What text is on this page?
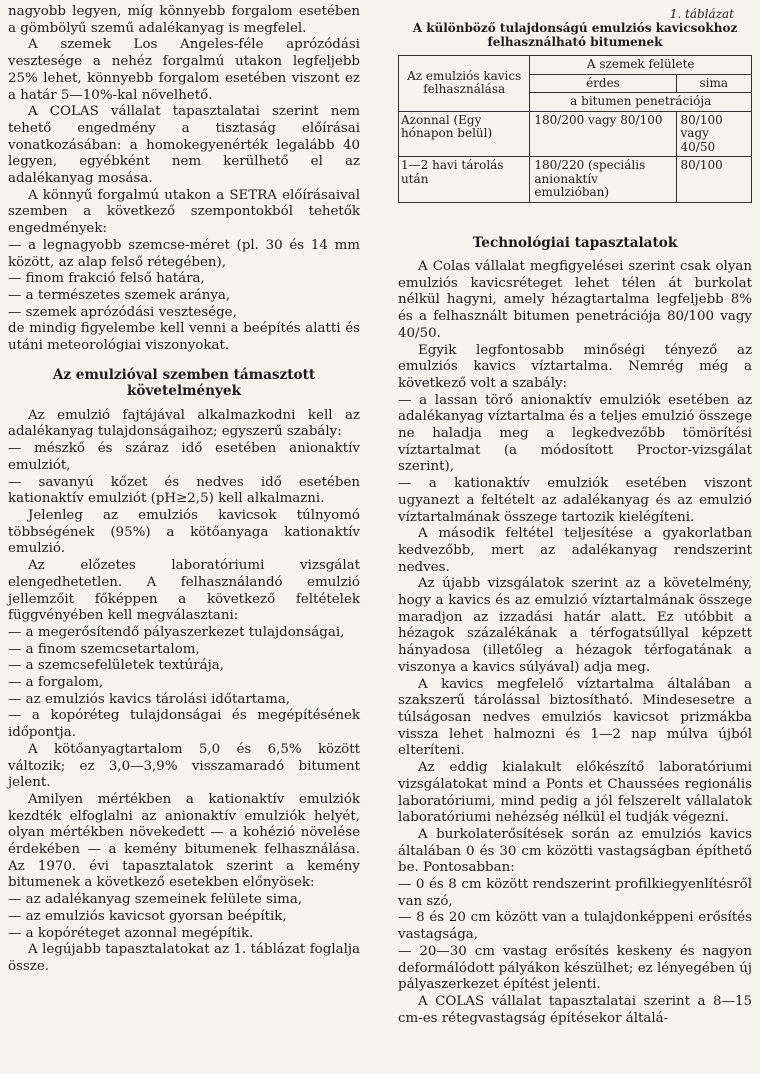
nagyobb legyen, míg könnyebb forgalom esetében a gömbölyű szemű adalékanyag is megfelel.

A szemek Los Angeles-féle aprózódási vesztesége a nehéz forgalmú utakon legfeljebb 25% lehet, könnyebb forgalom esetében viszont ez a határ 5—10%-kal növelhető.

A COLAS vállalat tapasztalatai szerint nem tehető engedmény a tisztaság előírásai vonatkozásában: a homokegyenérték legalább 40 legyen, egyébként nem kerülhető el az adalékanyag mosása.

A könnyű forgalmú utakon a SETRA előírásaival szemben a következő szempontokból tehetők engedmények:

— a legnagyobb szemcse-méret (pl. 30 és 14 mm között, az alap felső rétegében),

— finom frakció felső határa,

— a természetes szemek aránya,

— szemek aprózódási vesztesége,

de mindig figyelembe kell venni a beépítés alatti és utáni meteorológiai viszonyokat.

Az emulzióval szemben támasztott követelmények

Az emulzió fajtájával alkalmazkodni kell az adalékanyag tulajdonságaihoz; egyszerű szabály:

— mészkő és száraz idő esetében anionaktív emulziót,

— savanyú kőzet és nedves idő esetében kationaktív emulziót (pH≥2,5) kell alkalmazni.

Jelenleg az emulziós kavicsok túlnyomó többségének (95%) a kötőanyaga kationaktív emulzió.

Az előzetes laboratóriumi vizsgálat elengedhetetlen. A felhasználandó emulzió jellemzőit főképpen a következő feltételek függvényében kell megválasztani:

— a megerősítendő pályaszerkezet tulajdonságai,

— a finom szemcsetartalom,

— a szemcsefelületek textúrája,

— a forgalom,

— az emulziós kavics tárolási időtartama,

— a kopóréteg tulajdonságai és megépítésének időpontja.

A kötőanyagtartalom 5,0 és 6,5% között változik; ez 3,0—3,9% visszamaradó bitument jelent.

Amilyen mértékben a kationaktív emulziók kezdték elfoglalni az anionaktív emulziók helyét, olyan mértékben növekedett — a kohézió növelése érdekében — a kemény bitumenek felhasználása. Az 1970. évi tapasztalatok szerint a kemény bitumenek a következő esetekben előnyösek:

— az adalékanyag szemeinek felülete sima,

— az emulziós kavicsot gyorsan beépítik,

— a kopóréteget azonnal megépítik.

A legújabb tapasztalatokat az 1. táblázat foglalja össze.

1. táblázat
A különböző tulajdonságú emulziós kavicsokhoz felhasználható bitumenek
Az emulziós kavics felhasználása	A szemek felülete	
	érdes	sima
	a bitumen penetrációja	
Azonnal (Egy hónapon belül)	180/200 vagy 80/100	80/100 vagy 40/50
1—2 havi tárolás után	180/220 (speciális anionaktív emulzióban)	80/100
Technológiai tapasztalatok

A Colas vállalat megfigyelései szerint csak olyan emulziós kavicsréteget lehet télen át burkolat nélkül hagyni, amely hézagtartalma legfeljebb 8% és a felhasznált bitumen penetrációja 80/100 vagy 40/50.

Egyik legfontosabb minőségi tényező az emulziós kavics víztartalma. Nemrég még a következő volt a szabály:

— a lassan törő anionaktív emulziók esetében az adalékanyag víztartalma és a teljes emulzió összege ne haladja meg a legkedvezőbb tömörítési víztartalmat (a módosított Proctor-vizsgálat szerint),

— a kationaktív emulziók esetében viszont ugyanezt a feltételt az adalékanyag és az emulzió víztartalmának összege tartozik kielégíteni.

A második feltétel teljesítése a gyakorlatban kedvezőbb, mert az adalékanyag rendszerint nedves.

Az újabb vizsgálatok szerint az a követelmény, hogy a kavics és az emulzió víztartalmának összege maradjon az izzadási határ alatt. Ez utóbbit a hézagok százalékának a térfogatsúllyal képzett hányadosa (illetőleg a hézagok térfogatának a viszonya a kavics súlyával) adja meg.

A kavics megfelelő víztartalma általában a szakszerű tárolással biztosítható. Mindesesetre a túlságosan nedves emulziós kavicsot prizmákba vissza lehet halmozni és 1—2 nap múlva újból elteríteni.

Az eddig kialakult előkészítő laboratóriumi vizsgálatokat mind a Ponts et Chaussées regionális laboratóriumi, mind pedig a jól felszerelt vállalatok laboratóriumi nehézség nélkül el tudják végezni.

A burkolaterősítések során az emulziós kavics általában 0 és 30 cm közötti vastagságban építhető be. Pontosabban:

— 0 és 8 cm között rendszerint profilkiegyenlítésről van szó,

— 8 és 20 cm között van a tulajdonképpeni erősítés vastagsága,

— 20—30 cm vastag erősítés keskeny és nagyon deformálódott pályákon készülhet; ez lényegében új pályaszerkezet építést jelenti.

A COLAS vállalat tapasztalatai szerint a 8—15 cm-es rétegvastagság építésekor általá-
